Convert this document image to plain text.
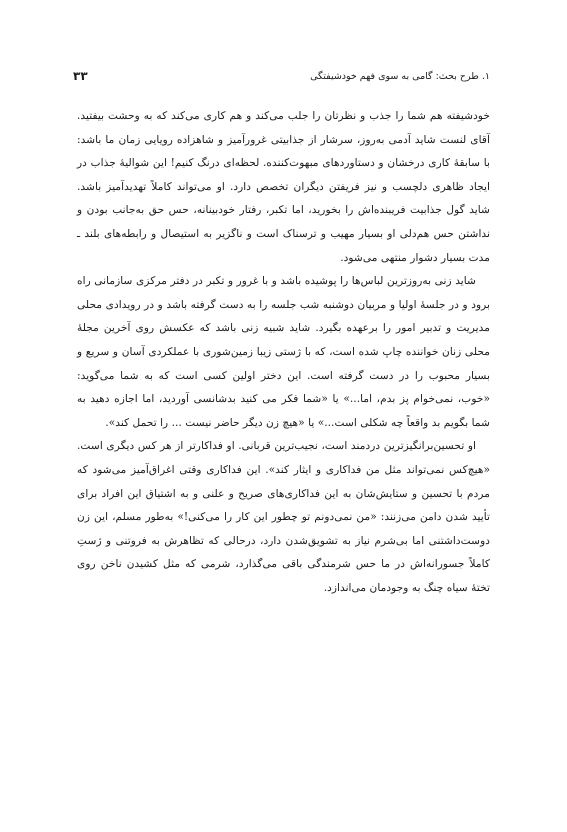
۱. طرح بحث: گامی به سوی فهم خودشیفتگی
۳۳

خودشیفته هم شما را جذب و نظرتان را جلب می‌کند و هم کاری می‌کند که به وحشت بیفتید. آقای لنست شاید آدمی به‌روز، سرشار از جذابیتی غرورآمیز و شاهزاده رویایی زمان ما باشد: با سابقهٔ کاری درخشان و دستاوردهای مبهوت‌کننده. لحظه‌ای درنگ کنیم! این شوالیهٔ جذاب در ایجاد ظاهری دلچسب و نیز فریفتن دیگران تخصص دارد. او می‌تواند کاملاً تهدیدآمیز باشد. شاید گول جذابیت فریبنده‌اش را بخورید، اما تکبر، رفتار خودبینانه، حس حق به‌جانب بودن و نداشتن حس هم‌دلی او بسیار مهیب و ترسناک است و ناگزیر به استیصال و رابطه‌های بلند ـ مدت بسیار دشوار منتهی می‌شود.

شاید زنی به‌روزترین لباس‌ها را پوشیده باشد و با غرور و تکبر در دفتر مرکزی سازمانی راه برود و در جلسهٔ اولیا و مربیان دوشنبه شب جلسه را به دست گرفته باشد و در رویدادی محلی مدیریت و تدبیر امور را برعهده بگیرد. شاید شبیه زنی باشد که عکسش روی آخرین مجلهٔ محلی زنان خواننده چاپ شده است، که با ژستی زیبا زمین‌شوری با عملکردی آسان و سریع و بسیار محبوب را در دست گرفته است. این دختر اولین کسی است که به شما می‌گوید: «خوب، نمی‌خوام پز بدم، اما...» یا «شما فکر می کنید بدشانسی آوردید، اما اجازه دهید به شما بگویم بد واقعاً چه شکلی است...» یا «هیچ زن دیگر حاضر نیست ... را تحمل کند».

او تحسین‌برانگیزترین دردمند است، نجیب‌ترین قربانی. او فداکارتر از هر کس دیگری است. «هیچ‌کس نمی‌تواند مثل من فداکاری و ایثار کند». این فداکاری وقتی اغراق‌آمیز می‌شود که مردم با تحسین و ستایش‌شان به این فداکاری‌های صریح و علنی و به اشتیاق این افراد برای تأیید شدن دامن می‌زنند: «من نمی‌دونم تو چطور این کار را می‌کنی!» به‌طور مسلم، این زن دوست‌داشتنی اما بی‌شرم نیاز به تشویق‌شدن دارد، درحالی که تظاهرش به فروتنی و ژستِ کاملاً جسورانه‌اش در ما حس شرمندگی باقی می‌گذارد، شرمی که مثل کشیدن ناخن روی تختهٔ سیاه چنگ به وجودمان می‌اندازد.
